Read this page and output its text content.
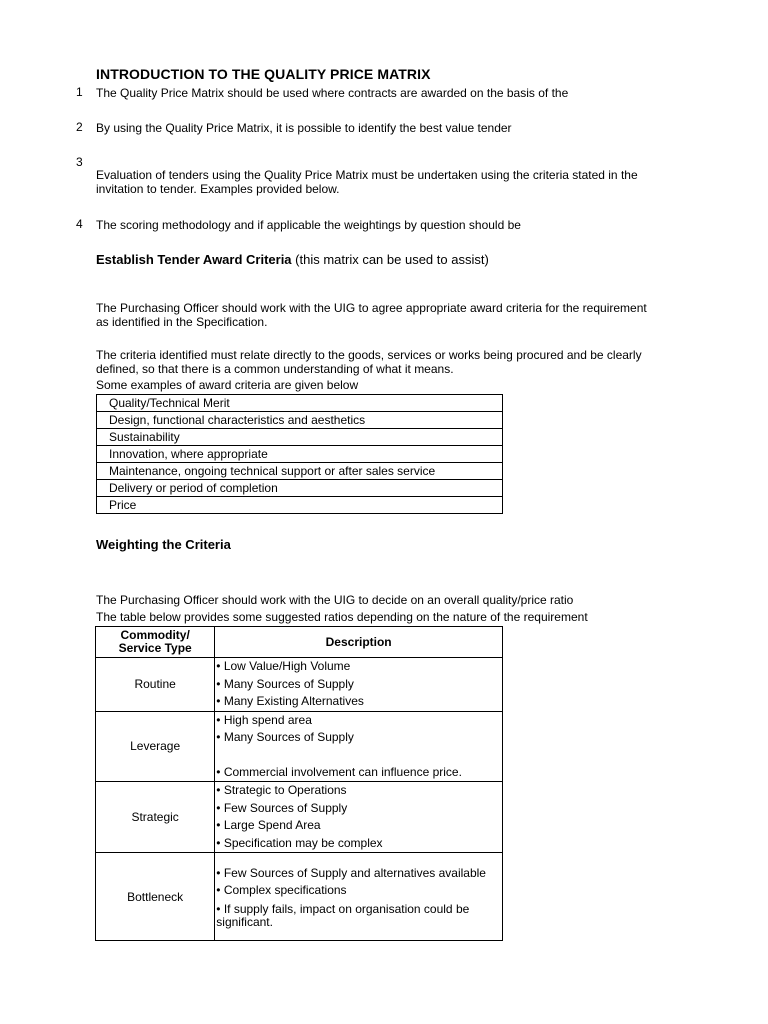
INTRODUCTION TO THE QUALITY PRICE MATRIX
1 The Quality Price Matrix should be used where contracts are awarded on the basis of the
2 By using the Quality Price Matrix, it is possible to identify the best value tender
3
Evaluation of tenders using the Quality Price Matrix must be undertaken using the criteria stated in the invitation to tender. Examples provided below.
4 The scoring methodology and if applicable the weightings by question should be
Establish Tender Award Criteria (this matrix can be used to assist)
The Purchasing Officer should work with the UIG to agree appropriate award criteria for the requirement as identified in the Specification.
The criteria identified must relate directly to the goods, services or works being procured and be clearly defined, so that there is a common understanding of what it means.
Some examples of award criteria are given below
Quality/Technical Merit
Design, functional characteristics and aesthetics
Sustainability
Innovation, where appropriate
Maintenance, ongoing technical support or after sales service
Delivery or period of completion
Price
Weighting the Criteria
The Purchasing Officer should work with the UIG to decide on an overall quality/price ratio
The table below provides some suggested ratios depending on the nature of the requirement
Commodity/
Service Type	Description
Routine	• Low Value/High Volume
• Many Sources of Supply
• Many Existing Alternatives

Leverage	• High spend area
• Many Sources of Supply
• Commercial involvement can influence price.

Strategic	• Strategic to Operations
• Few Sources of Supply
• Large Spend Area
• Specification may be complex

Bottleneck	• Few Sources of Supply and alternatives available
• Complex specifications
• If supply fails, impact on organisation could be significant.
